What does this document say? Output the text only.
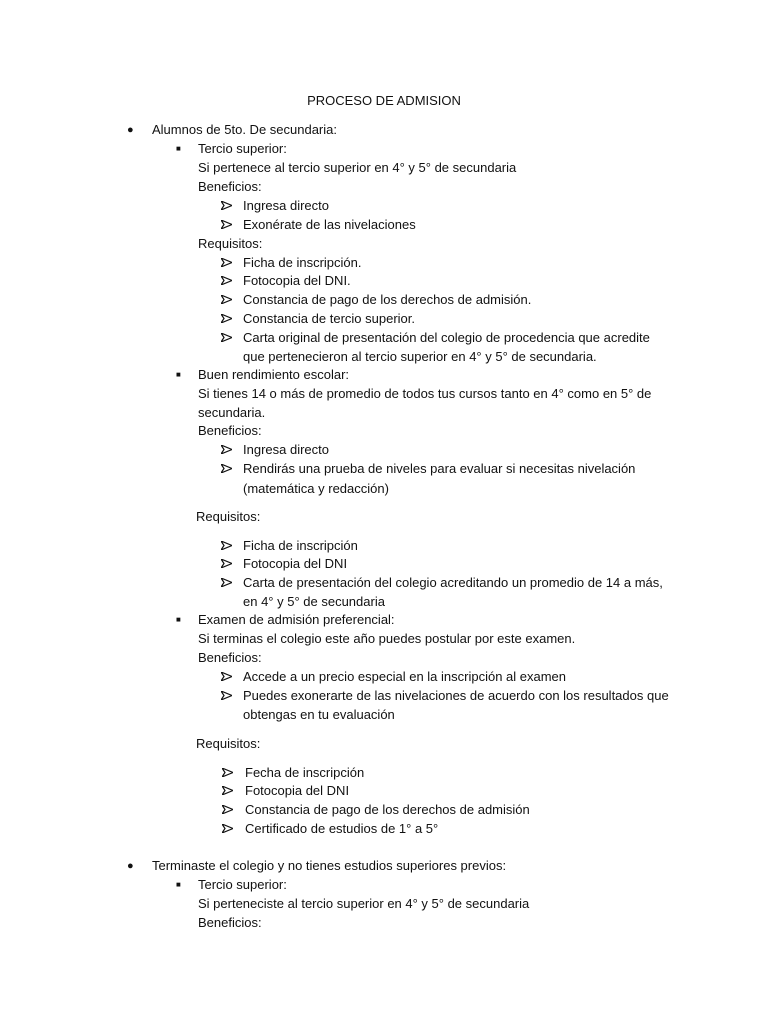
PROCESO DE ADMISION
● Alumnos de 5to. De secundaria:
■ Tercio superior:
Si pertenece al tercio superior en 4° y 5° de secundaria
Beneficios:
Ingresa directo
Exonérate de las nivelaciones
Requisitos:
Ficha de inscripción.
Fotocopia del DNI.
Constancia de pago de los derechos de admisión.
Constancia de tercio superior.
Carta original de presentación del colegio de procedencia que acredite
que pertenecieron al tercio superior en 4° y 5° de secundaria.
■ Buen rendimiento escolar:
Si tienes 14 o más de promedio de todos tus cursos tanto en 4° como en 5° de
secundaria.
Beneficios:
Ingresa directo
Rendirás una prueba de niveles para evaluar si necesitas nivelación
(matemática y redacción)
Requisitos:
Ficha de inscripción
Fotocopia del DNI
Carta de presentación del colegio acreditando un promedio de 14 a más,
en 4° y 5° de secundaria
■ Examen de admisión preferencial:
Si terminas el colegio este año puedes postular por este examen.
Beneficios:
Accede a un precio especial en la inscripción al examen
Puedes exonerarte de las nivelaciones de acuerdo con los resultados que
obtengas en tu evaluación
Requisitos:
Fecha de inscripción
Fotocopia del DNI
Constancia de pago de los derechos de admisión
Certificado de estudios de 1° a 5°
● Terminaste el colegio y no tienes estudios superiores previos:
■ Tercio superior:
Si perteneciste al tercio superior en 4° y 5° de secundaria
Beneficios:
